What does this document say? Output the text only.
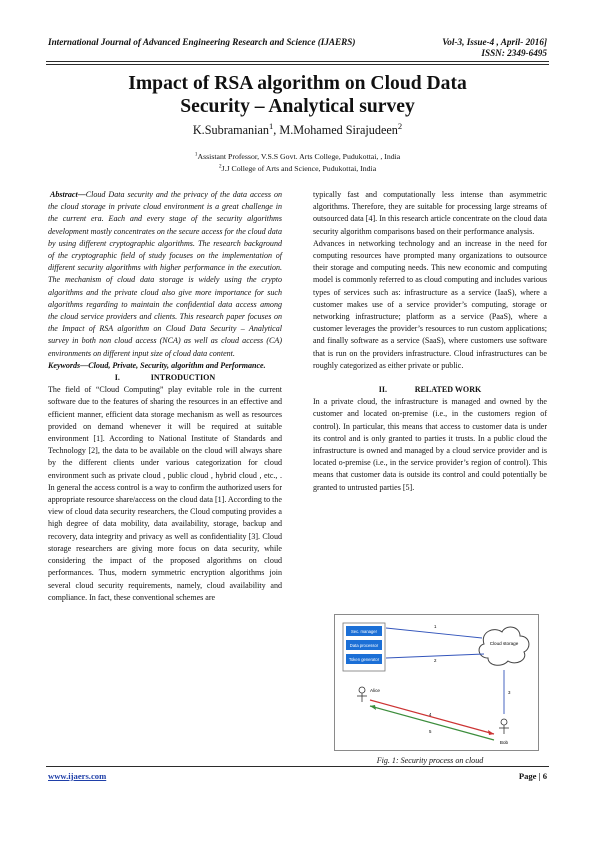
International Journal of Advanced Engineering Research and Science (IJAERS)	Vol-3, Issue-4 , April- 2016]
ISSN: 2349-6495
Impact of RSA algorithm on Cloud Data
Security – Analytical survey
K.Subramanian$^1$, M.Mohamed Sirajudeen$^2$
$^1$Assistant Professor, V.S.S Govt. Arts College, Pudukottai, , India
$^2$J.J College of Arts and Science, Pudukottai, India

Abstract—Cloud Data security and the privacy of the data access on the cloud storage in private cloud environment is a great challenge in the current era. Each and every stage of the security algorithms development mostly concentrates on the secure access for the cloud data by using different cryptographic algorithms. The research background of the cryptographic field of study focuses on the implementation of different security algorithms with higher performance in the execution. The mechanism of cloud data storage is widely using the crypto algorithms and the private cloud also give more importance for such algorithms regarding to maintain the confidential data access among the cloud service providers and clients. This research paper focuses on the Impact of RSA algorithm on Cloud Data Security – Analytical survey in both non cloud access (NCA) as well as cloud access (CA) environments on different input size of cloud data content.

Keywords—Cloud, Private, Security, algorithm and Performance.

I.	INTRODUCTION

The field of “Cloud Computing” play evitable role in the current software due to the features of sharing the resources in an effective and efficient manner, efficient data storage mechanism as well as resources provided on demand whenever it will be required at suitable environment [1]. According to National Institute of Standards and Technology [2], the data to be available on the cloud will always share by the different clients under various categorization for cloud environment such as private cloud , public cloud , hybrid cloud , etc., . In general the access control is a way to confirm the authorized users for appropriate resource share/access on the cloud data [1]. According to the view of cloud data security researchers, the Cloud computing provides a high degree of data mobility, data availability, storage, backup and recovery, data integrity and privacy as well as confidentiality [3]. Cloud storage researchers are giving more focus on data security, while considering the impact of the proposed algorithms on cloud performances. Thus, modern symmetric encryption algorithms join several cloud security requirements, namely, cloud availability and compliance. In fact, these conventional schemes are

typically fast and computationally less intense than asymmetric algorithms. Therefore, they are suitable for processing large streams of outsourced data [4]. In this research article concentrate on the cloud data security algorithm comparisons based on their performance analysis.

Advances in networking technology and an increase in the need for computing resources have prompted many organizations to outsource their storage and computing needs. This new economic and computing model is commonly referred to as cloud computing and includes various types of services such as: infrastructure as a service (IaaS), where a customer makes use of a service provider’s computing, storage or networking infrastructure; platform as a service (PaaS), where a customer leverages the provider’s resources to run custom applications; and finally software as a service (SaaS), where customers use software that is run on the providers infrastructure. Cloud infrastructures can be roughly categorized as either private or public.

II.	RELATED WORK

In a private cloud, the infrastructure is managed and owned by the customer and located on-premise (i.e., in the customers region of control). In particular, this means that access to customer data is under its control and is only granted to parties it trusts. In a public cloud the infrastructure is owned and managed by a cloud service provider and is located o-premise (i.e., in the service provider’s region of control). This means that customer data is outside its control and could potentially be granted to untrusted parties [5].

Sec. manager
Data processor
Token generator
Cloud storage
1
2
Alice	3
4
5
Bob
Fig. 1: Security process on cloud
www.ijaers.com	Page | 6
